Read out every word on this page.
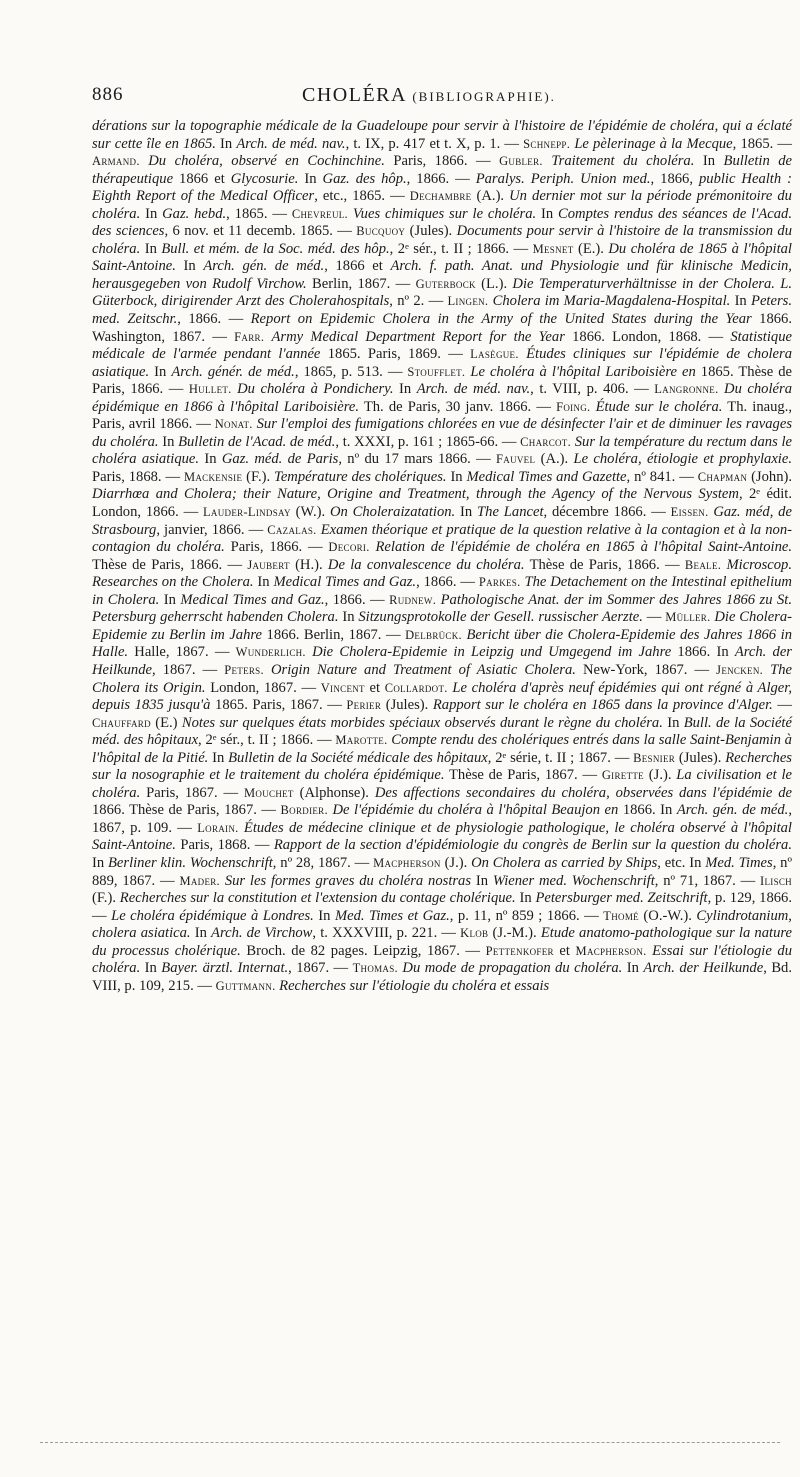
886	CHOLÉRA (BIBLIOGRAPHIE).

dérations sur la topographie médicale de la Guadeloupe pour servir à l'histoire de l'épidémie de choléra, qui a éclaté sur cette île en 1865. In Arch. de méd. nav., t. IX, p. 417 et t. X, p. 1. — Schnepp. Le pèlerinage à la Mecque, 1865. — Armand. Du choléra, observé en Cochinchine. Paris, 1866. — Gubler. Traitement du choléra. In Bulletin de thérapeutique 1866 et Glycosurie. In Gaz. des hôp., 1866. — Paralys. Periph. Union med., 1866, public Health : Eighth Report of the Medical Officer, etc., 1865. — Dechambre (A.). Un dernier mot sur la période prémonitoire du choléra. In Gaz. hebd., 1865. — Chevreul. Vues chimiques sur le choléra. In Comptes rendus des séances de l'Acad. des sciences, 6 nov. et 11 decemb. 1865. — Bucquoy (Jules). Documents pour servir à l'histoire de la transmission du choléra. In Bull. et mém. de la Soc. méd. des hôp., 2ᵉ sér., t. II ; 1866. — Mesnet (E.). Du choléra de 1865 à l'hôpital Saint-Antoine. In Arch. gén. de méd., 1866 et Arch. f. path. Anat. und Physiologie und für klinische Medicin, herausgegeben von Rudolf Virchow. Berlin, 1867. — Guterbock (L.). Die Temperaturverhältnisse in der Cholera. L. Güterbock, dirigirender Arzt des Cholerahospitals, nº 2. — Lingen. Cholera im Maria-Magdalena-Hospital. In Peters. med. Zeitschr., 1866. — Report on Epidemic Cholera in the Army of the United States during the Year 1866. Washington, 1867. — Farr. Army Medical Department Report for the Year 1866. London, 1868. — Statistique médicale de l'armée pendant l'année 1865. Paris, 1869. — Lasègue. Études cliniques sur l'épidémie de cholera asiatique. In Arch. génér. de méd., 1865, p. 513. — Stoufflet. Le choléra à l'hôpital Lariboisière en 1865. Thèse de Paris, 1866. — Hullet. Du choléra à Pondichery. In Arch. de méd. nav., t. VIII, p. 406. — Langronne. Du choléra épidémique en 1866 à l'hôpital Lariboisière. Th. de Paris, 30 janv. 1866. — Foing. Étude sur le choléra. Th. inaug., Paris, avril 1866. — Nonat. Sur l'emploi des fumigations chlorées en vue de désinfecter l'air et de diminuer les ravages du choléra. In Bulletin de l'Acad. de méd., t. XXXI, p. 161 ; 1865-66. — Charcot. Sur la température du rectum dans le choléra asiatique. In Gaz. méd. de Paris, nº du 17 mars 1866. — Fauvel (A.). Le choléra, étiologie et prophylaxie. Paris, 1868. — Mackensie (F.). Température des cholériques. In Medical Times and Gazette, nº 841. — Chapman (John). Diarrhœa and Cholera; their Nature, Origine and Treatment, through the Agency of the Nervous System, 2ᵉ édit. London, 1866. — Lauder-Lindsay (W.). On Choleraizatation. In The Lancet, décembre 1866. — Eissen. Gaz. méd, de Strasbourg, janvier, 1866. — Cazalas. Examen théorique et pratique de la question relative à la contagion et à la non-contagion du choléra. Paris, 1866. — Decori. Relation de l'épidémie de choléra en 1865 à l'hôpital Saint-Antoine. Thèse de Paris, 1866. — Jaubert (H.). De la convalescence du choléra. Thèse de Paris, 1866. — Beale. Microscop. Researches on the Cholera. In Medical Times and Gaz., 1866. — Parkes. The Detachement on the Intestinal epithelium in Cholera. In Medical Times and Gaz., 1866. — Rudnew. Pathologische Anat. der im Sommer des Jahres 1866 zu St. Petersburg geherrscht habenden Cholera. In Sitzungsprotokolle der Gesell. russischer Aerzte. — Müller. Die Cholera-Epidemie zu Berlin im Jahre 1866. Berlin, 1867. — Delbrück. Bericht über die Cholera-Epidemie des Jahres 1866 in Halle. Halle, 1867. — Wunderlich. Die Cholera-Epidemie in Leipzig und Umgegend im Jahre 1866. In Arch. der Heilkunde, 1867. — Peters. Origin Nature and Treatment of Asiatic Cholera. New-York, 1867. — Jencken. The Cholera its Origin. London, 1867. — Vincent et Collardot. Le choléra d'après neuf épidémies qui ont régné à Alger, depuis 1835 jusqu'à 1865. Paris, 1867. — Perier (Jules). Rapport sur le choléra en 1865 dans la province d'Alger. — Chauffard (E.) Notes sur quelques états morbides spéciaux observés durant le règne du choléra. In Bull. de la Société méd. des hôpitaux, 2ᵉ sér., t. II ; 1866. — Marotte. Compte rendu des cholériques entrés dans la salle Saint-Benjamin à l'hôpital de la Pitié. In Bulletin de la Société médicale des hôpitaux, 2ᵉ série, t. II ; 1867. — Besnier (Jules). Recherches sur la nosographie et le traitement du choléra épidémique. Thèse de Paris, 1867. — Girette (J.). La civilisation et le choléra. Paris, 1867. — Mouchet (Alphonse). Des affections secondaires du choléra, observées dans l'épidémie de 1866. Thèse de Paris, 1867. — Bordier. De l'épidémie du choléra à l'hôpital Beaujon en 1866. In Arch. gén. de méd., 1867, p. 109. — Lorain. Études de médecine clinique et de physiologie pathologique, le choléra observé à l'hôpital Saint-Antoine. Paris, 1868. — Rapport de la section d'épidémiologie du congrès de Berlin sur la question du choléra. In Berliner klin. Wochenschrift, nº 28, 1867. — Macpherson (J.). On Cholera as carried by Ships, etc. In Med. Times, nº 889, 1867. — Mader. Sur les formes graves du choléra nostras In Wiener med. Wochenschrift, nº 71, 1867. — Ilisch (F.). Recherches sur la constitution et l'extension du contage cholérique. In Petersburger med. Zeitschrift, p. 129, 1866. — Le choléra épidémique à Londres. In Med. Times et Gaz., p. 11, nº 859 ; 1866. — Thomé (O.-W.). Cylindrotanium, cholera asiatica. In Arch. de Virchow, t. XXXVIII, p. 221. — Klob (J.-M.). Etude anatomo-pathologique sur la nature du processus cholérique. Broch. de 82 pages. Leipzig, 1867. — Pettenkofer et Macpherson. Essai sur l'étiologie du choléra. In Bayer. ärztl. Internat., 1867. — Thomas. Du mode de propagation du choléra. In Arch. der Heilkunde, Bd. VIII, p. 109, 215. — Guttmann. Recherches sur l'étiologie du choléra et essais
